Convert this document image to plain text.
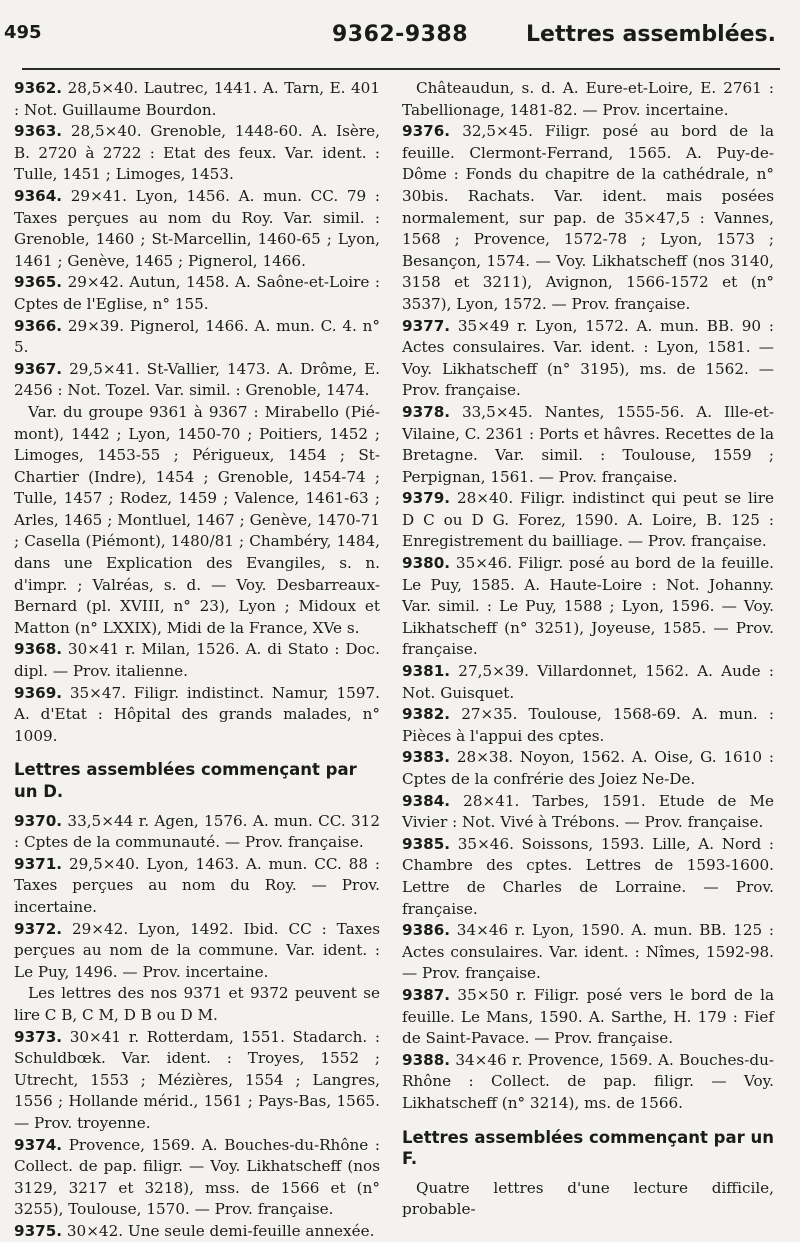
495	9362-9388	Lettres assemblées.

9362. 28,5×40. Lautrec, 1441. A. Tarn, E. 401 : Not. Guillaume Bourdon.

9363. 28,5×40. Grenoble, 1448-60. A. Isère, B. 2720 à 2722 : Etat des feux. Var. ident. : Tulle, 1451 ; Limoges, 1453.

9364. 29×41. Lyon, 1456. A. mun. CC. 79 : Taxes perçues au nom du Roy. Var. simil. : Grenoble, 1460 ; St-Marcellin, 1460-65 ; Lyon, 1461 ; Genève, 1465 ; Pignerol, 1466.

9365. 29×42. Autun, 1458. A. Saône-et-Loire : Cptes de l'Eglise, n° 155.

9366. 29×39. Pignerol, 1466. A. mun. C. 4. n° 5.

9367. 29,5×41. St-Vallier, 1473. A. Drôme, E. 2456 : Not. Tozel. Var. simil. : Grenoble, 1474.

Var. du groupe 9361 à 9367 : Mirabello (Pié-mont), 1442 ; Lyon, 1450-70 ; Poitiers, 1452 ; Limoges, 1453-55 ; Périgueux, 1454 ; St-Chartier (Indre), 1454 ; Grenoble, 1454-74 ; Tulle, 1457 ; Rodez, 1459 ; Valence, 1461-63 ; Arles, 1465 ; Montluel, 1467 ; Genève, 1470-71 ; Casella (Piémont), 1480/81 ; Chambéry, 1484, dans une Explication des Evangiles, s. n. d'impr. ; Valréas, s. d. — Voy. Desbarreaux-Bernard (pl. XVIII, n° 23), Lyon ; Midoux et Matton (n° LXXIX), Midi de la France, XVe s.

9368. 30×41 r. Milan, 1526. A. di Stato : Doc. dipl. — Prov. italienne.

9369. 35×47. Filigr. indistinct. Namur, 1597. A. d'Etat : Hôpital des grands malades, n° 1009.

Lettres assemblées commençant par un D.

9370. 33,5×44 r. Agen, 1576. A. mun. CC. 312 : Cptes de la communauté. — Prov. française.

9371. 29,5×40. Lyon, 1463. A. mun. CC. 88 : Taxes perçues au nom du Roy. — Prov. incertaine.

9372. 29×42. Lyon, 1492. Ibid. CC : Taxes perçues au nom de la commune. Var. ident. : Le Puy, 1496. — Prov. incertaine.

Les lettres des nos 9371 et 9372 peuvent se lire C B, C M, D B ou D M.

9373. 30×41 r. Rotterdam, 1551. Stadarch. : Schuldbœk. Var. ident. : Troyes, 1552 ; Utrecht, 1553 ; Mézières, 1554 ; Langres, 1556 ; Hollande mérid., 1561 ; Pays-Bas, 1565. — Prov. troyenne.

9374. Provence, 1569. A. Bouches-du-Rhône : Collect. de pap. filigr. — Voy. Likhatscheff (nos 3129, 3217 et 3218), mss. de 1566 et (n° 3255), Toulouse, 1570. — Prov. française.

9375. 30×42. Une seule demi-feuille annexée.

Châteaudun, s. d. A. Eure-et-Loire, E. 2761 : Tabellionage, 1481-82. — Prov. incertaine.

9376. 32,5×45. Filigr. posé au bord de la feuille. Clermont-Ferrand, 1565. A. Puy-de-Dôme : Fonds du chapitre de la cathédrale, n° 30bis. Rachats. Var. ident. mais posées normalement, sur pap. de 35×47,5 : Vannes, 1568 ; Provence, 1572-78 ; Lyon, 1573 ; Besançon, 1574. — Voy. Likhatscheff (nos 3140, 3158 et 3211), Avignon, 1566-1572 et (n° 3537), Lyon, 1572. — Prov. française.

9377. 35×49 r. Lyon, 1572. A. mun. BB. 90 : Actes consulaires. Var. ident. : Lyon, 1581. — Voy. Likhatscheff (n° 3195), ms. de 1562. — Prov. française.

9378. 33,5×45. Nantes, 1555-56. A. Ille-et-Vilaine, C. 2361 : Ports et hâvres. Recettes de la Bretagne. Var. simil. : Toulouse, 1559 ; Perpignan, 1561. — Prov. française.

9379. 28×40. Filigr. indistinct qui peut se lire D C ou D G. Forez, 1590. A. Loire, B. 125 : Enregistrement du bailliage. — Prov. française.

9380. 35×46. Filigr. posé au bord de la feuille. Le Puy, 1585. A. Haute-Loire : Not. Johanny. Var. simil. : Le Puy, 1588 ; Lyon, 1596. — Voy. Likhatscheff (n° 3251), Joyeuse, 1585. — Prov. française.

9381. 27,5×39. Villardonnet, 1562. A. Aude : Not. Guisquet.

9382. 27×35. Toulouse, 1568-69. A. mun. : Pièces à l'appui des cptes.

9383. 28×38. Noyon, 1562. A. Oise, G. 1610 : Cptes de la confrérie des Joiez Ne-De.

9384. 28×41. Tarbes, 1591. Etude de Me Vivier : Not. Vivé à Trébons. — Prov. française.

9385. 35×46. Soissons, 1593. Lille, A. Nord : Chambre des cptes. Lettres de 1593-1600. Lettre de Charles de Lorraine. — Prov. française.

9386. 34×46 r. Lyon, 1590. A. mun. BB. 125 : Actes consulaires. Var. ident. : Nîmes, 1592-98. — Prov. française.

9387. 35×50 r. Filigr. posé vers le bord de la feuille. Le Mans, 1590. A. Sarthe, H. 179 : Fief de Saint-Pavace. — Prov. française.

9388. 34×46 r. Provence, 1569. A. Bouches-du-Rhône : Collect. de pap. filigr. — Voy. Likhatscheff (n° 3214), ms. de 1566.

Lettres assemblées commençant par un F.

Quatre lettres d'une lecture difficile, probable-
